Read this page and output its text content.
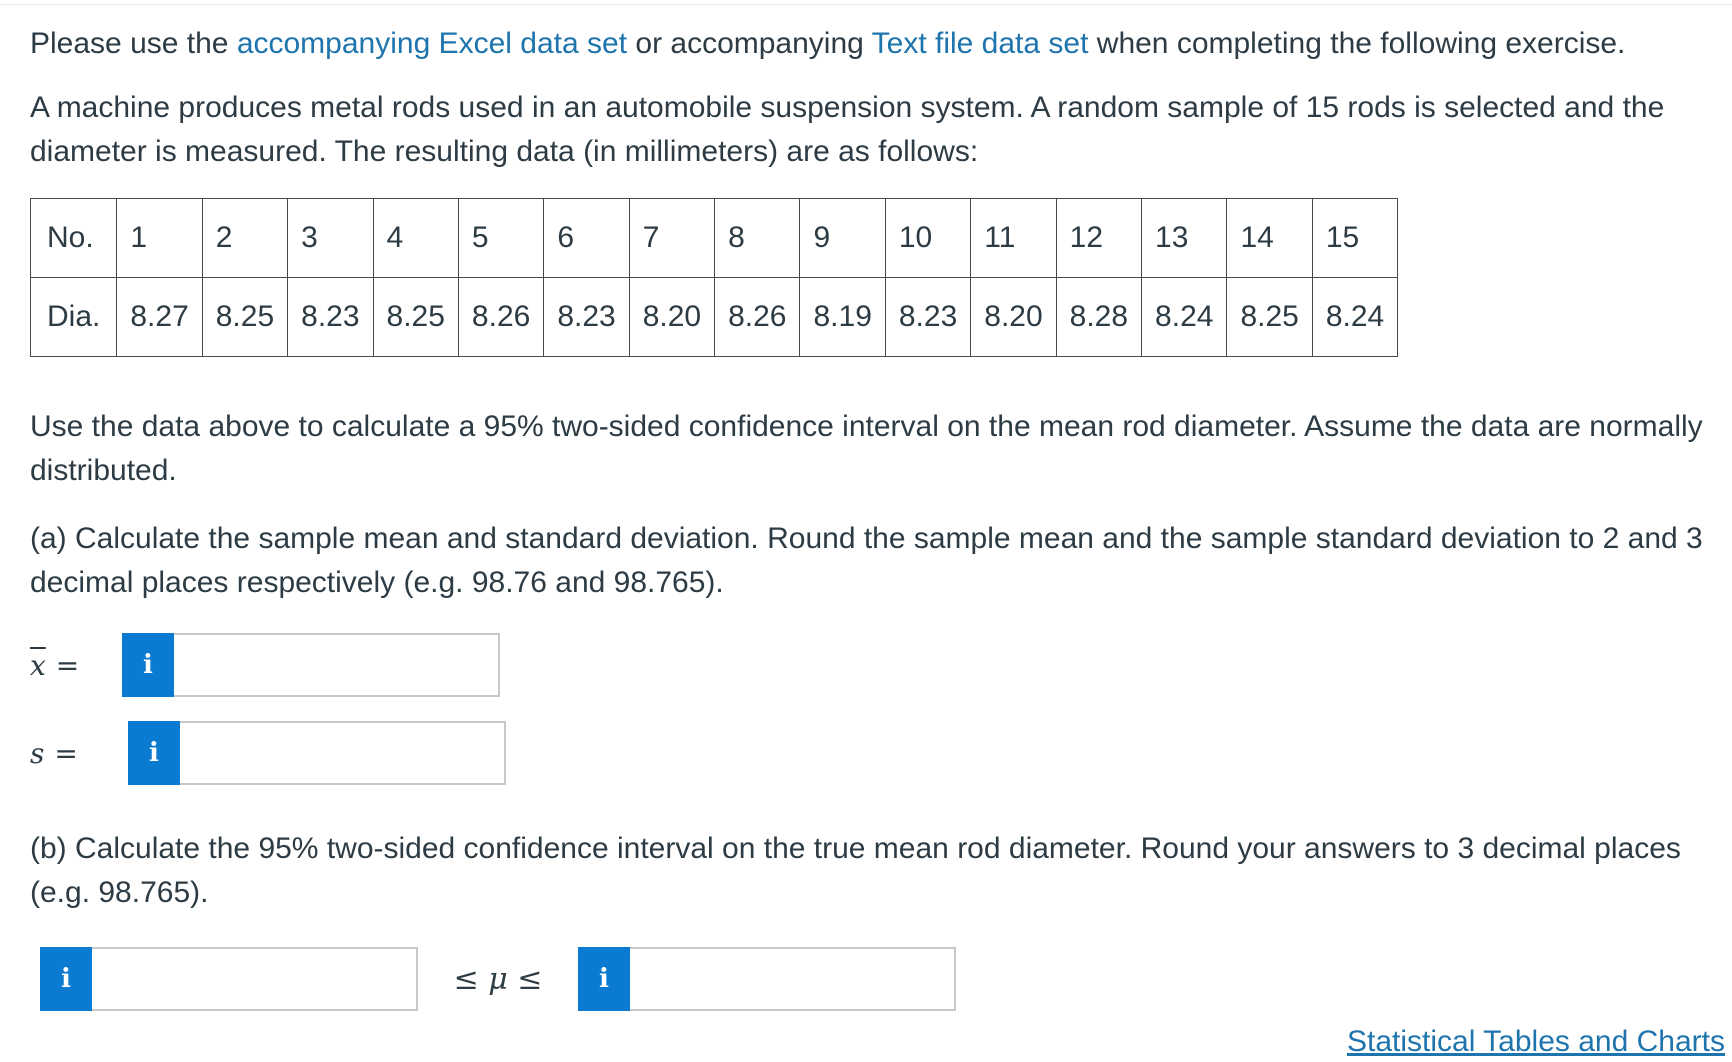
Please use the accompanying Excel data set or accompanying Text file data set when completing the following exercise.

A machine produces metal rods used in an automobile suspension system. A random sample of 15 rods is selected and the diameter is measured. The resulting data (in millimeters) are as follows:

No.	1	2	3	4	5	6	7	8	9	10	11	12	13	14	15
Dia.	8.27	8.25	8.23	8.25	8.26	8.23	8.20	8.26	8.19	8.23	8.20	8.28	8.24	8.25	8.24

Use the data above to calculate a 95% two-sided confidence interval on the mean rod diameter. Assume the data are normally distributed.

(a) Calculate the sample mean and standard deviation. Round the sample mean and the sample standard deviation to 2 and 3 decimal places respectively (e.g. 98.76 and 98.765).

$\overline{x}$ =	i
s =	i

(b) Calculate the 95% two-sided confidence interval on the true mean rod diameter. Round your answers to 3 decimal places (e.g. 98.765).

i	≤ μ ≤	i
Statistical Tables and Charts
